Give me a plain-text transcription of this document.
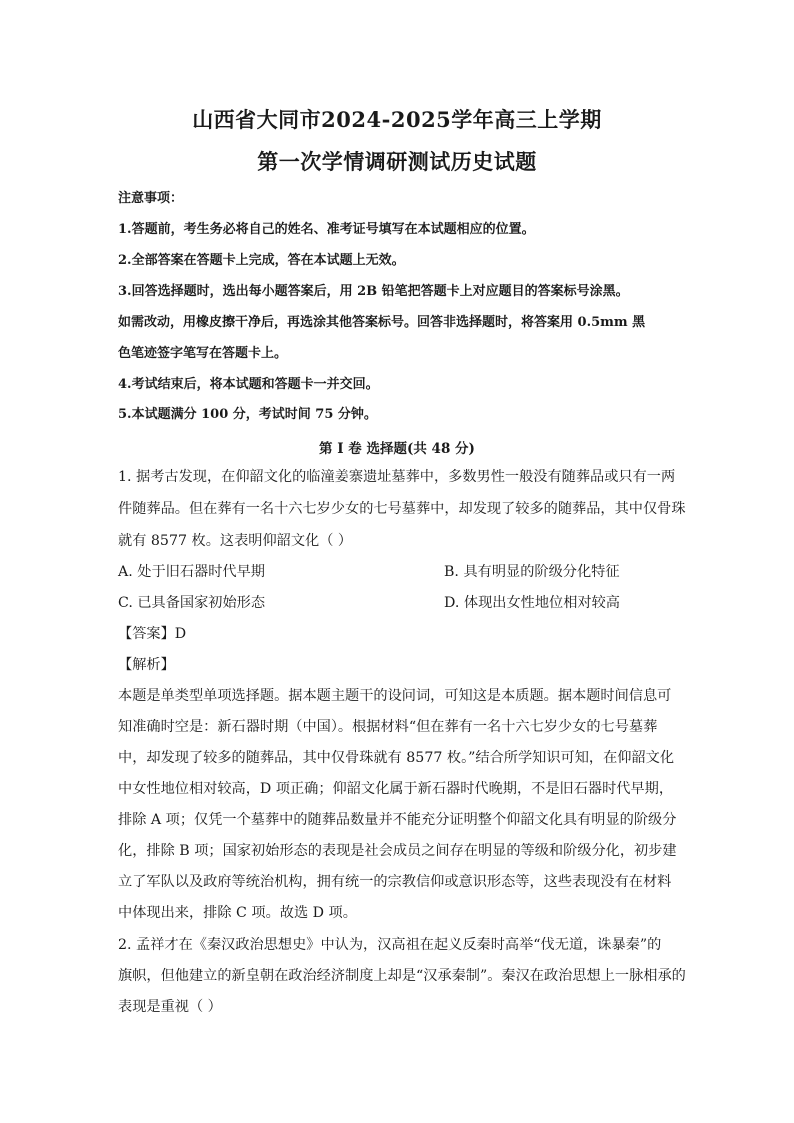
山西省大同市2024-2025学年高三上学期
第一次学情调研测试历史试题
注意事项：
1.答题前，考生务必将自己的姓名、准考证号填写在本试题相应的位置。
2.全部答案在答题卡上完成，答在本试题上无效。
3.回答选择题时，选出每小题答案后，用 2B 铅笔把答题卡上对应题目的答案标号涂黑。
如需改动，用橡皮擦干净后，再选涂其他答案标号。回答非选择题时，将答案用 0.5mm 黑
色笔迹签字笔写在答题卡上。
4.考试结束后，将本试题和答题卡一并交回。
5.本试题满分 100 分，考试时间 75 分钟。
第 I 卷 选择题(共 48 分)
1. 据考古发现，在仰韶文化的临潼姜寨遗址墓葬中，多数男性一般没有随葬品或只有一两
件随葬品。但在葬有一名十六七岁少女的七号墓葬中，却发现了较多的随葬品，其中仅骨珠
就有 8577 枚。这表明仰韶文化（ ）
A. 处于旧石器时代早期	B. 具有明显的阶级分化特征
C. 已具备国家初始形态	D. 体现出女性地位相对较高
【答案】D
【解析】
本题是单类型单项选择题。据本题主题干的设问词，可知这是本质题。据本题时间信息可
知准确时空是：新石器时期（中国）。根据材料“但在葬有一名十六七岁少女的七号墓葬
中，却发现了较多的随葬品，其中仅骨珠就有 8577 枚。”结合所学知识可知，在仰韶文化
中女性地位相对较高，D 项正确；仰韶文化属于新石器时代晚期，不是旧石器时代早期，
排除 A 项；仅凭一个墓葬中的随葬品数量并不能充分证明整个仰韶文化具有明显的阶级分
化，排除 B 项；国家初始形态的表现是社会成员之间存在明显的等级和阶级分化，初步建
立了军队以及政府等统治机构，拥有统一的宗教信仰或意识形态等，这些表现没有在材料
中体现出来，排除 C 项。故选 D 项。
2. 孟祥才在《秦汉政治思想史》中认为，汉高祖在起义反秦时高举“伐无道，诛暴秦”的
旗帜，但他建立的新皇朝在政治经济制度上却是“汉承秦制”。秦汉在政治思想上一脉相承的
表现是重视（ ）
